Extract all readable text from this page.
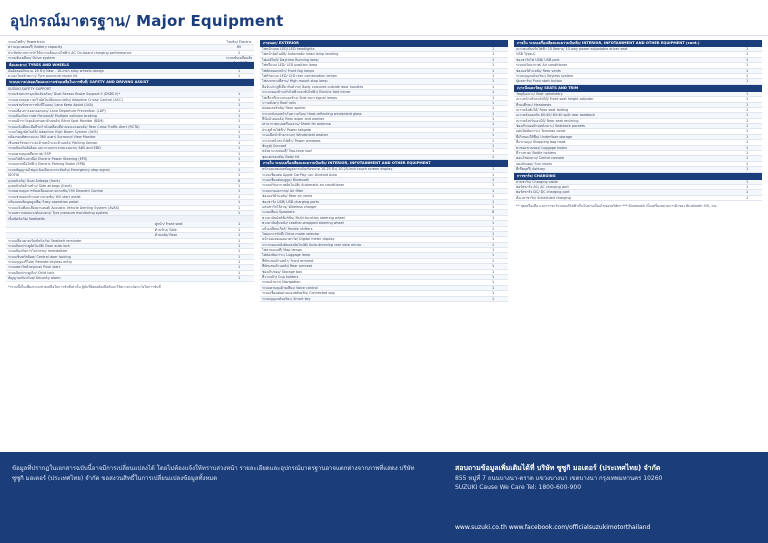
อุปกรณ์มาตรฐาน/ Major Equipment
ระบบไฟฟ้า/ Powertrain	ไฮบริด/ Electric
ความจุแบตเตอรี่/ Battery capacity	6V
ประสิทธิภาพการทำให้ความเย็นแบบไฟฟ้า/ AC On-board charging performance	2
ระบบขับเคลื่อน/ Drive system	ระบบขับเคลื่อนล้อ
ล้อและยาง/ TYRES AND WHEELS
ล้ออัลลอยด์ขนาด 16 นิ้ว/ New - 16-inch alloy wheels design	1
ยางอะไหล่ชั่วคราว/ Tyre puncture repair kit	1
ระบบความปลอดภัยและความช่วยเหลือในการขับขี่/ SAFETY AND DRIVING ASSIST
SUZUKI SAFETY SUPPORT
ระบบช่วยเบรกฉุกเฉินอัจฉริยะ/ Dual Sensor Brake Support II (DSBS II)*	1
ระบบควบคุมความเร็วอัตโนมัติแบบแปรผัน/ Adaptive Cruise Control (ACC)	1
ระบบช่วยรักษาการขับขี่ในเลน/ Lane Keep Assist (LKA)	1
ระบบเตือนการออกนอกเลน/ Lane Departure Prevention (LDP)	1
ระบบป้องกันการสตาร์ทรถยนต์/ Multiple collision braking	1
ระบบเฝ้าระวังจุดอับสายตาด้านหลัง/ Blind Spot Monitor (BSM)	1
ระบบแจ้งเตือนเมื่อมีรถกำลังเคลื่อนที่ผ่านขณะถอยหลัง/ Rear Cross Traffic Alert (RCTA)	1
ระบบไฟสูงอัตโนมัติ/ Adaptive High Beam System (AHS)	1
กล้องรอบทิศทางแบบ 360 องศา/ Surround View Monitor	1
เซ็นเซอร์ช่วยกะระยะด้านหน้าและด้านหลัง/ Parking Sensor	1
ระบบป้องกันล้อล็อค และระบบกระจายแรงเบรก/ ABS and EBD	1
ระบบควบคุมเสถียรภาพ/ ESP	1
ระบบไฟฟ้าเบรกมือ/ Electric Power Steering (EPS)	1
ระบบเบรกมือไฟฟ้า/ Electric Parking Brake (EPB)	1
ระบบสัญญาณไฟฉุกเฉินเมื่อเบรกกะทันหัน/ Emergency stop signal	1
ISOFIX	1
ถุงลมนิรภัย/ Dual Airbags (front)	6
ถุงลมนิรภัยด้านข้าง/ Side airbags (front)	1
ระบบควบคุมการขับเคลื่อนลงทางลาดชัน/ Hill Descent Control	1
ระบบช่วยออกตัวบนทางลาดชัน/ Hill start assist	1
กล้องแบบติดมุมสูงเพื่อ/ Easy operation pedal	1
ระบบแจ้งเตือนเสียงยานยนต์/ Acoustic Vehicle Alerting System (AVAS)	1
ระบบตรวจสอบแรงดันลมยาง/ Tyre pressure monitoring system	1
เข็มขัดนิรภัย/ Seatbelts
คู่หน้า/ Front seat	1
ด้านข้าง/ Side	1
ด้านหลัง/ Rear	1
ระบบเตือนคาดเข็มขัดนิรภัย/ Seatbelt reminder	1
ระบบล็อกประตูอัตโนมัติ/ Door auto lock	1
ระบบป้องกันการโจรกรรม/ Immobilizer	1
ระบบเซ็นทรัลล็อค/ Central door locking	1
ระบบกุญแจรีโมท/ Remote keyless entry	1
ระบบสตาร์ทด้วยปุ่มกด/ Push start	1
ระบบล็อกประตูเด็ก/ Child lock	1
สัญญาณกันขโมย/ Security alarm	1
*ระบบนี้เป็นเพียงระบบช่วยเหลือในการขับขี่เท่านั้น ผู้ขับขี่ยังคงต้องมีสติและใช้ความระมัดระวังในการขับขี่
ภายนอก/ EXTERIOR
ไฟหน้าแบบ LED/ LED headlights	1
ไฟหน้าอัตโนมัติ/ Automatic head lamp leveling	1
ไฟเดย์ไลท์/ Daytime Running lamp	1
ไฟหรี่แบบ LED/ LED position lamp	1
ไฟตัดหมอกหน้า/ Front fog lamps	1
ไฟท้ายแบบ LED/ LED rear combination lamps	1
ไฟเบรกดวงที่สาม/ High mount stop lamp	1
มือจับประตูสีเดียวกับตัวรถ/ Body coloured outside door handles	1
กระจกมองข้างปรับไฟฟ้าและพับไฟฟ้า/ Electric fold mirror	1
ไฟเลี้ยวที่กระจกมองข้าง/ Side turn signal lamps	1
ราวหลังคา/ Roof rails	1
สปอยเลอร์หลัง/ Rear spoiler	1
กระจกบังลมหน้ากันความร้อน/ Heat-reflecting windshield glass	1
ที่ปัดน้ำฝนหลัง/ Rear wiper and washer	1
เสาอากาศแบบครีบฉลาม/ Shark fin antenna	1
ประตูท้ายไฟฟ้า/ Power tailgate	1
ระบบฉีดน้ำล้างกระจก/ Windshield washer	1
กระจกหน้าต่างไฟฟ้า/ Power windows	1
ซันรูฟ/ Sunroof	1
หลังคาแบบสองสี/ Two-tone roof	1
ชุดแต่งรอบคัน/ Body kit	1
ภายใน ระบบเครื่องเสียงและความบันเทิง/ INTERIOR, INFOTAINMENT AND OTHER EQUIPMENT
หน้าจอแสดงผลข้อมูลความบันเทิงขนาด 10.25 นิ้ว/ 10.25-inch touch screen display	1
ระบบเชื่อมต่อ Apple CarPlay และ Android Auto	1
ระบบเชื่อมต่อบลูทูธ/ Bluetooth	1
ระบบปรับอากาศอัตโนมัติ/ Automatic air conditioner	1
ระบบกรองอากาศ/ Air filter	1
ช่องแอร์ด้านหลัง/ Rear air vents	1
ช่องชาร์จ USB/ USB charging ports	1
แท่นชาร์จไร้สาย/ Wireless charger	1
ระบบเสียง/ Speakers	6
พวงมาลัยมัลติฟังก์ชัน/ Multi-function steering wheel	1
พวงมาลัยหุ้มหนัง/ Leather-wrapped steering wheel	1
แป้นเปลี่ยนเกียร์/ Paddle shifters	1
โหมดการขับขี่/ Drive mode selector	1
หน้าจอแสดงผลมาตรวัด/ Digital meter display	1
กระจกมองหลังตัดแสงอัตโนมัติ/ Auto-dimming rear view mirror	1
ไฟอ่านแผนที่/ Map lamps	1
ไฟส่องสัมภาระ/ Luggage lamp	1
ที่พักแขนด้านหน้า/ Front armrest	1
ที่พักแขนด้านหลัง/ Rear armrest	1
ช่องเก็บของ/ Storage box	1
ที่วางแก้ว/ Cup holders	1
ระบบนำทาง/ Navigation	1
ระบบควบคุมด้วยเสียง/ Voice control	1
ระบบเชื่อมต่อผ่านแอปพลิเคชัน/ Connected app	1
ระบบกุญแจอัจฉริยะ/ Smart key	1
ภายใน ระบบเครื่องเสียงและความบันเทิง/ INTERIOR, INFOTAINMENT AND OTHER EQUIPMENT (cont.)
เบาะคนขับปรับไฟฟ้า 10 ทิศทาง/ 10-way power adjustable driver seat	1
USB Type-C	1
ช่องชาร์จไฟ USB/ USB port	1
ระบบปรับอากาศ/ Air conditioner	1
ช่องแอร์ด้านหลัง/ Rear vents	1
ระบบกุญแจอัจฉริยะ/ Keyless system	1
ปุ่มสตาร์ท/ Push start button	1
เบาะนั่งและวัสดุ/ SEATS AND TRIM
วัสดุหุ้มเบาะ/ Seat upholstery	1
เบาะหน้าปรับระดับได้/ Front seat height adjuster	1
ที่รองศีรษะ/ Headrests	1
เบาะหลังพับได้/ Rear seat folding	1
เบาะหลังแยกพับ 60:40/ 60:40 split rear seatback	1
เบาะหลังปรับเอนได้/ Rear seat reclining	1
ช่องเก็บของด้านหลังเบาะ/ Seatback pockets	1
แผ่นปิดสัมภาระ/ Tonneau cover	1
ที่เก็บของใต้พื้น/ Underfloor storage	1
ที่แขวนถุง/ Shopping bag hook	1
ตะขอแขวนของ/ Luggage hooks	1
ที่วางขวด/ Bottle holders	1
คอนโซลกลาง/ Centre console	1
แผงบังแดด/ Sun visors	1
ที่เขี่ยบุหรี่/ Ashtray	1
การชาร์จ/ CHARGING
สายชาร์จ/ Charging cable	1
พอร์ตชาร์จ AC/ AC charging port	1
พอร์ตชาร์จ DC/ DC charging port	1
ตั้งเวลาชาร์จ/ Scheduled charging	1
** ชุดเครื่องมือ และการชาร์จรถยนต์ไฟฟ้าเป็นไปตามเงื่อนไขของบริษัทฯ *** Bluetooth เป็นเครื่องหมายการค้าของ Bluetooth SIG, Inc.
ข้อมูลที่ปรากฏในเอกสารฉบับนี้อาจมีการเปลี่ยนแปลงได้ โดยไม่ต้องแจ้งให้ทราบล่วงหน้า รายละเอียดและอุปกรณ์มาตรฐานอาจแตกต่างจากภาพที่แสดง บริษัท ซูซูกิ มอเตอร์ (ประเทศไทย) จำกัด ขอสงวนสิทธิ์ในการเปลี่ยนแปลงข้อมูลทั้งหมด
สอบถามข้อมูลเพิ่มเติมได้ที่ บริษัท ซูซูกิ มอเตอร์ (ประเทศไทย) จำกัด
855 หมู่ที่ 7 ถนนบางนา-ตราด แขวงบางนา เขตบางนา กรุงเทพมหานคร 10260
SUZUKI Cause We Care Tel: 1800-600-900
www.suzuki.co.th www.facebook.com/officialsuzukimotorthailand
